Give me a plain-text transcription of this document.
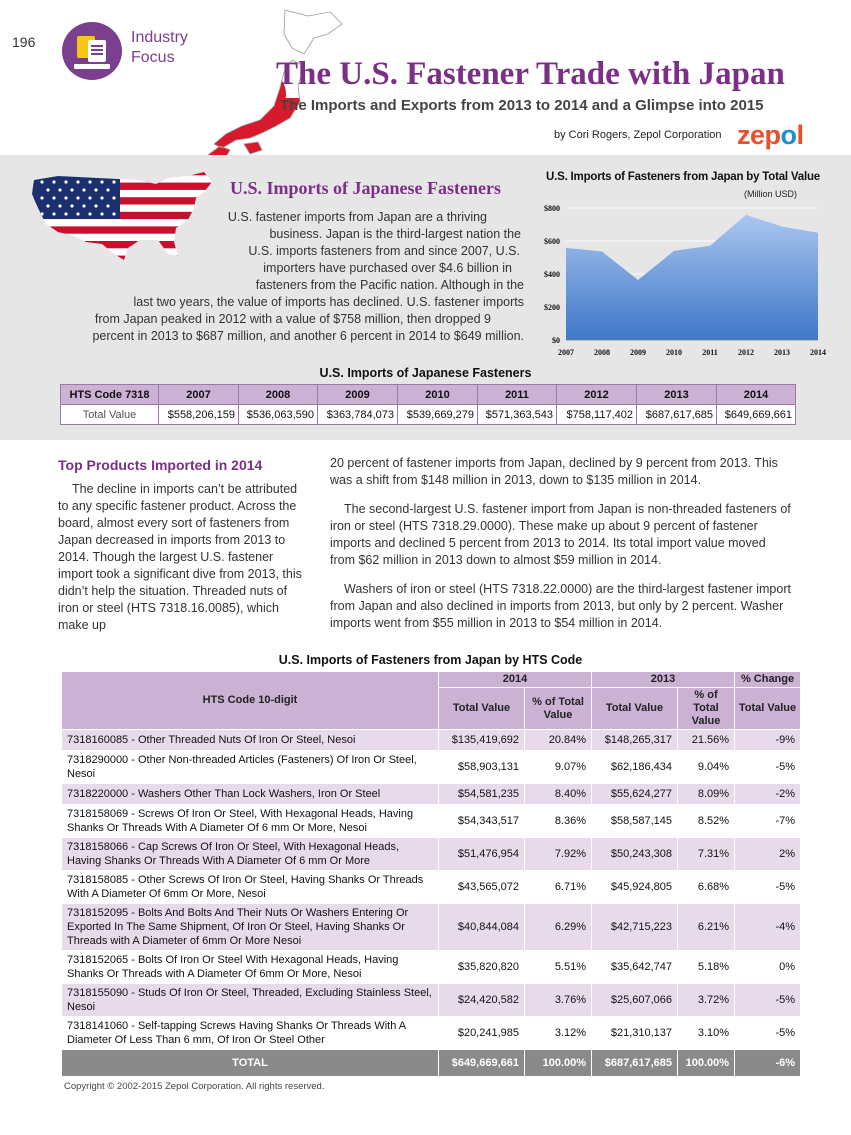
196	Industry
Focus	The U.S. Fastener Trade with Japan
The Imports and Exports from 2013 to 2014 and a Glimpse into 2015
by Cori Rogers, Zepol Corporation zepol
U.S. Imports of Japanese Fasteners
U.S. fastener imports from Japan are a thriving
business. Japan is the third-largest nation the
U.S. imports fasteners from and since 2007, U.S.
importers have purchased over $4.6 billion in
fasteners from the Pacific nation. Although in the
last two years, the value of imports has declined. U.S. fastener imports
from Japan peaked in 2012 with a value of $758 million, then dropped 9
percent in 2013 to $687 million, and another 6 percent in 2014 to $649 million.
U.S. Imports of Fasteners from Japan by Total Value
(Million USD)
$0
$200
$400
$600
$800
2007	2008	2009	2010	2011	2012	2013	2014
U.S. Imports of Japanese Fasteners
HTS Code 7318	2007	2008	2009	2010	2011	2012	2013	2014
Total Value	$558,206,159	$536,063,590	$363,784,073	$539,669,279	$571,363,543	$758,117,402	$687,617,685	$649,669,661
Top Products Imported in 2014

The decline in imports can’t be attributed to any specific fastener product. Across the board, almost every sort of fasteners from Japan decreased in imports from 2013 to 2014. Though the largest U.S. fastener import took a significant dive from 2013, this didn’t help the situation. Threaded nuts of iron or steel (HTS 7318.16.0085), which make up

20 percent of fastener imports from Japan, declined by 9 percent from 2013. This was a shift from $148 million in 2013, down to $135 million in 2014.

The second-largest U.S. fastener import from Japan is non-threaded fasteners of iron or steel (HTS 7318.29.0000). These make up about 9 percent of fastener imports and declined 5 percent from 2013 to 2014. Its total import value moved from $62 million in 2013 down to almost $59 million in 2014.

Washers of iron or steel (HTS 7318.22.0000) are the third-largest fastener import from Japan and also declined in imports from 2013, but only by 2 percent. Washer imports went from $55 million in 2013 to $54 million in 2014.

U.S. Imports of Fasteners from Japan by HTS Code
HTS Code 10-digit	2014		2013		% Change
	Total Value	% of Total Value	Total Value	% of Total Value	Total Value
7318160085 - Other Threaded Nuts Of Iron Or Steel, Nesoi	$135,419,692	20.84%	$148,265,317	21.56%	-9%
7318290000 - Other Non-threaded Articles (Fasteners) Of Iron Or Steel, Nesoi	$58,903,131	9.07%	$62,186,434	9.04%	-5%
7318220000 - Washers Other Than Lock Washers, Iron Or Steel	$54,581,235	8.40%	$55,624,277	8.09%	-2%
7318158069 - Screws Of Iron Or Steel, With Hexagonal Heads, Having Shanks Or Threads With A Diameter Of 6 mm Or More, Nesoi	$54,343,517	8.36%	$58,587,145	8.52%	-7%
7318158066 - Cap Screws Of Iron Or Steel, With Hexagonal Heads, Having Shanks Or Threads With A Diameter Of 6 mm Or More	$51,476,954	7.92%	$50,243,308	7.31%	2%
7318158085 - Other Screws Of Iron Or Steel, Having Shanks Or Threads With A Diameter Of 6mm Or More, Nesoi	$43,565,072	6.71%	$45,924,805	6.68%	-5%
7318152095 - Bolts And Bolts And Their Nuts Or Washers Entering Or Exported In The Same Shipment, Of Iron Or Steel, Having Shanks Or Threads with A Diameter of 6mm Or More Nesoi	$40,844,084	6.29%	$42,715,223	6.21%	-4%
7318152065 - Bolts Of Iron Or Steel With Hexagonal Heads, Having Shanks Or Threads with A Diameter Of 6mm Or More, Nesoi	$35,820,820	5.51%	$35,642,747	5.18%	0%
7318155090 - Studs Of Iron Or Steel, Threaded, Excluding Stainless Steel, Nesoi	$24,420,582	3.76%	$25,607,066	3.72%	-5%
7318141060 - Self-tapping Screws Having Shanks Or Threads With A Diameter Of Less Than 6 mm, Of Iron Or Steel Other	$20,241,985	3.12%	$21,310,137	3.10%	-5%
TOTAL	$649,669,661	100.00%	$687,617,685	100.00%	-6%
Copyright © 2002-2015 Zepol Corporation. All rights reserved.
